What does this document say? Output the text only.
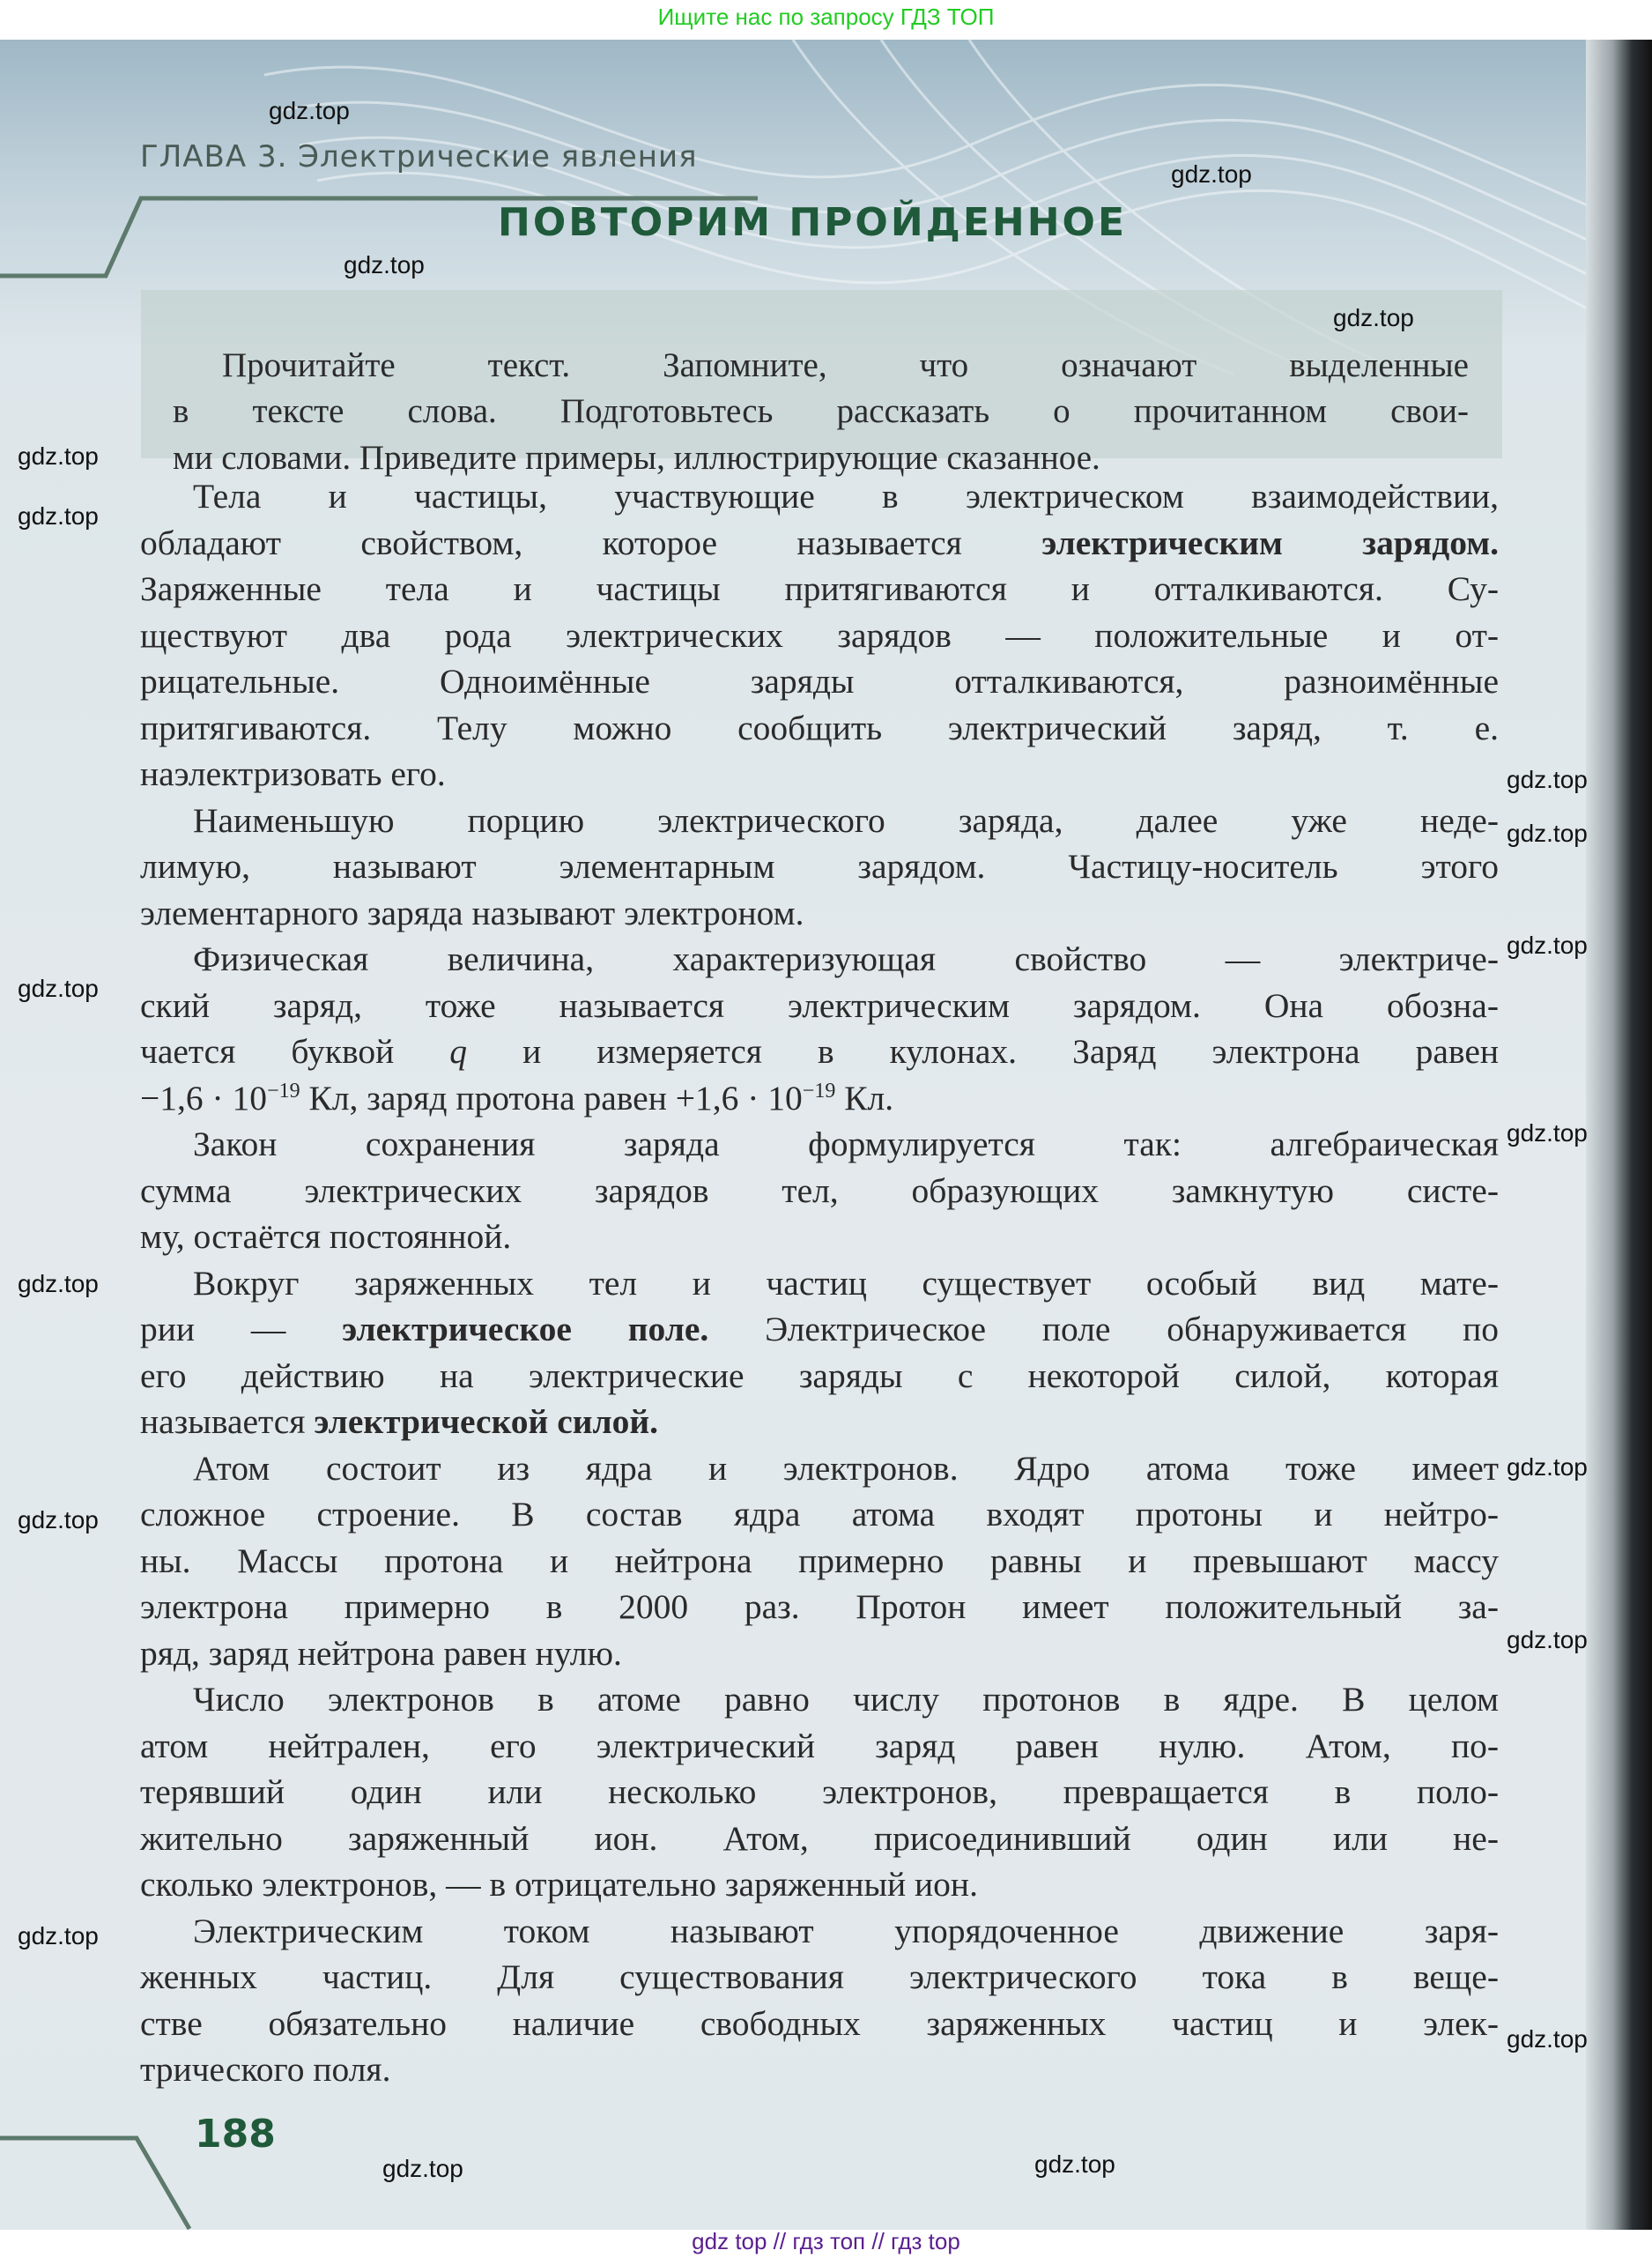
Ищите нас по запросу ГДЗ ТОП
ГЛАВА 3. Электрические явления
ПОВТОРИМ ПРОЙДЕННОЕ
Прочитайте текст. Запомните, что означают выделенные
в тексте слова. Подготовьтесь рассказать о прочитанном свои-
ми словами. Приведите примеры, иллюстрирующие сказанное.
Тела и частицы, участвующие в электрическом взаимодействии,
обладают свойством, которое называется электрическим зарядом.
Заряженные тела и частицы притягиваются и отталкиваются. Су-
ществуют два рода электрических зарядов — положительные и от-
рицательные. Одноимённые заряды отталкиваются, разноимённые
притягиваются. Телу можно сообщить электрический заряд, т. е.
наэлектризовать его.
Наименьшую порцию электрического заряда, далее уже неде-
лимую, называют элементарным зарядом. Частицу-носитель этого
элементарного заряда называют электроном.
Физическая величина, характеризующая свойство — электриче-
ский заряд, тоже называется электрическим зарядом. Она обозна-
чается буквой q и измеряется в кулонах. Заряд электрона равен
$-1,6 \cdot 10^{-19}$ Кл, заряд протона равен $+1,6 \cdot 10^{-19}$ Кл.
Закон сохранения заряда формулируется так: алгебраическая
сумма электрических зарядов тел, образующих замкнутую систе-
му, остаётся постоянной.
Вокруг заряженных тел и частиц существует особый вид мате-
рии — электрическое поле. Электрическое поле обнаруживается по
его действию на электрические заряды с некоторой силой, которая
называется электрической силой.
Атом состоит из ядра и электронов. Ядро атома тоже имеет
сложное строение. В состав ядра атома входят протоны и нейтро-
ны. Массы протона и нейтрона примерно равны и превышают массу
электрона примерно в 2000 раз. Протон имеет положительный за-
ряд, заряд нейтрона равен нулю.
Число электронов в атоме равно числу протонов в ядре. В целом
атом нейтрален, его электрический заряд равен нулю. Атом, по-
терявший один или несколько электронов, превращается в поло-
жительно заряженный ион. Атом, присоединивший один или не-
сколько электронов, — в отрицательно заряженный ион.
Электрическим током называют упорядоченное движение заря-
женных частиц. Для существования электрического тока в веще-
стве обязательно наличие свободных заряженных частиц и элек-
трического поля.
188
gdz.top
gdz.top
gdz.top
gdz.top
gdz.top
gdz.top
gdz.top
gdz.top
gdz.top
gdz.top
gdz.top
gdz.top
gdz.top
gdz.top
gdz.top
gdz.top
gdz.top
gdz.top
gdz.top
gdz top // гдз топ // гдз top
